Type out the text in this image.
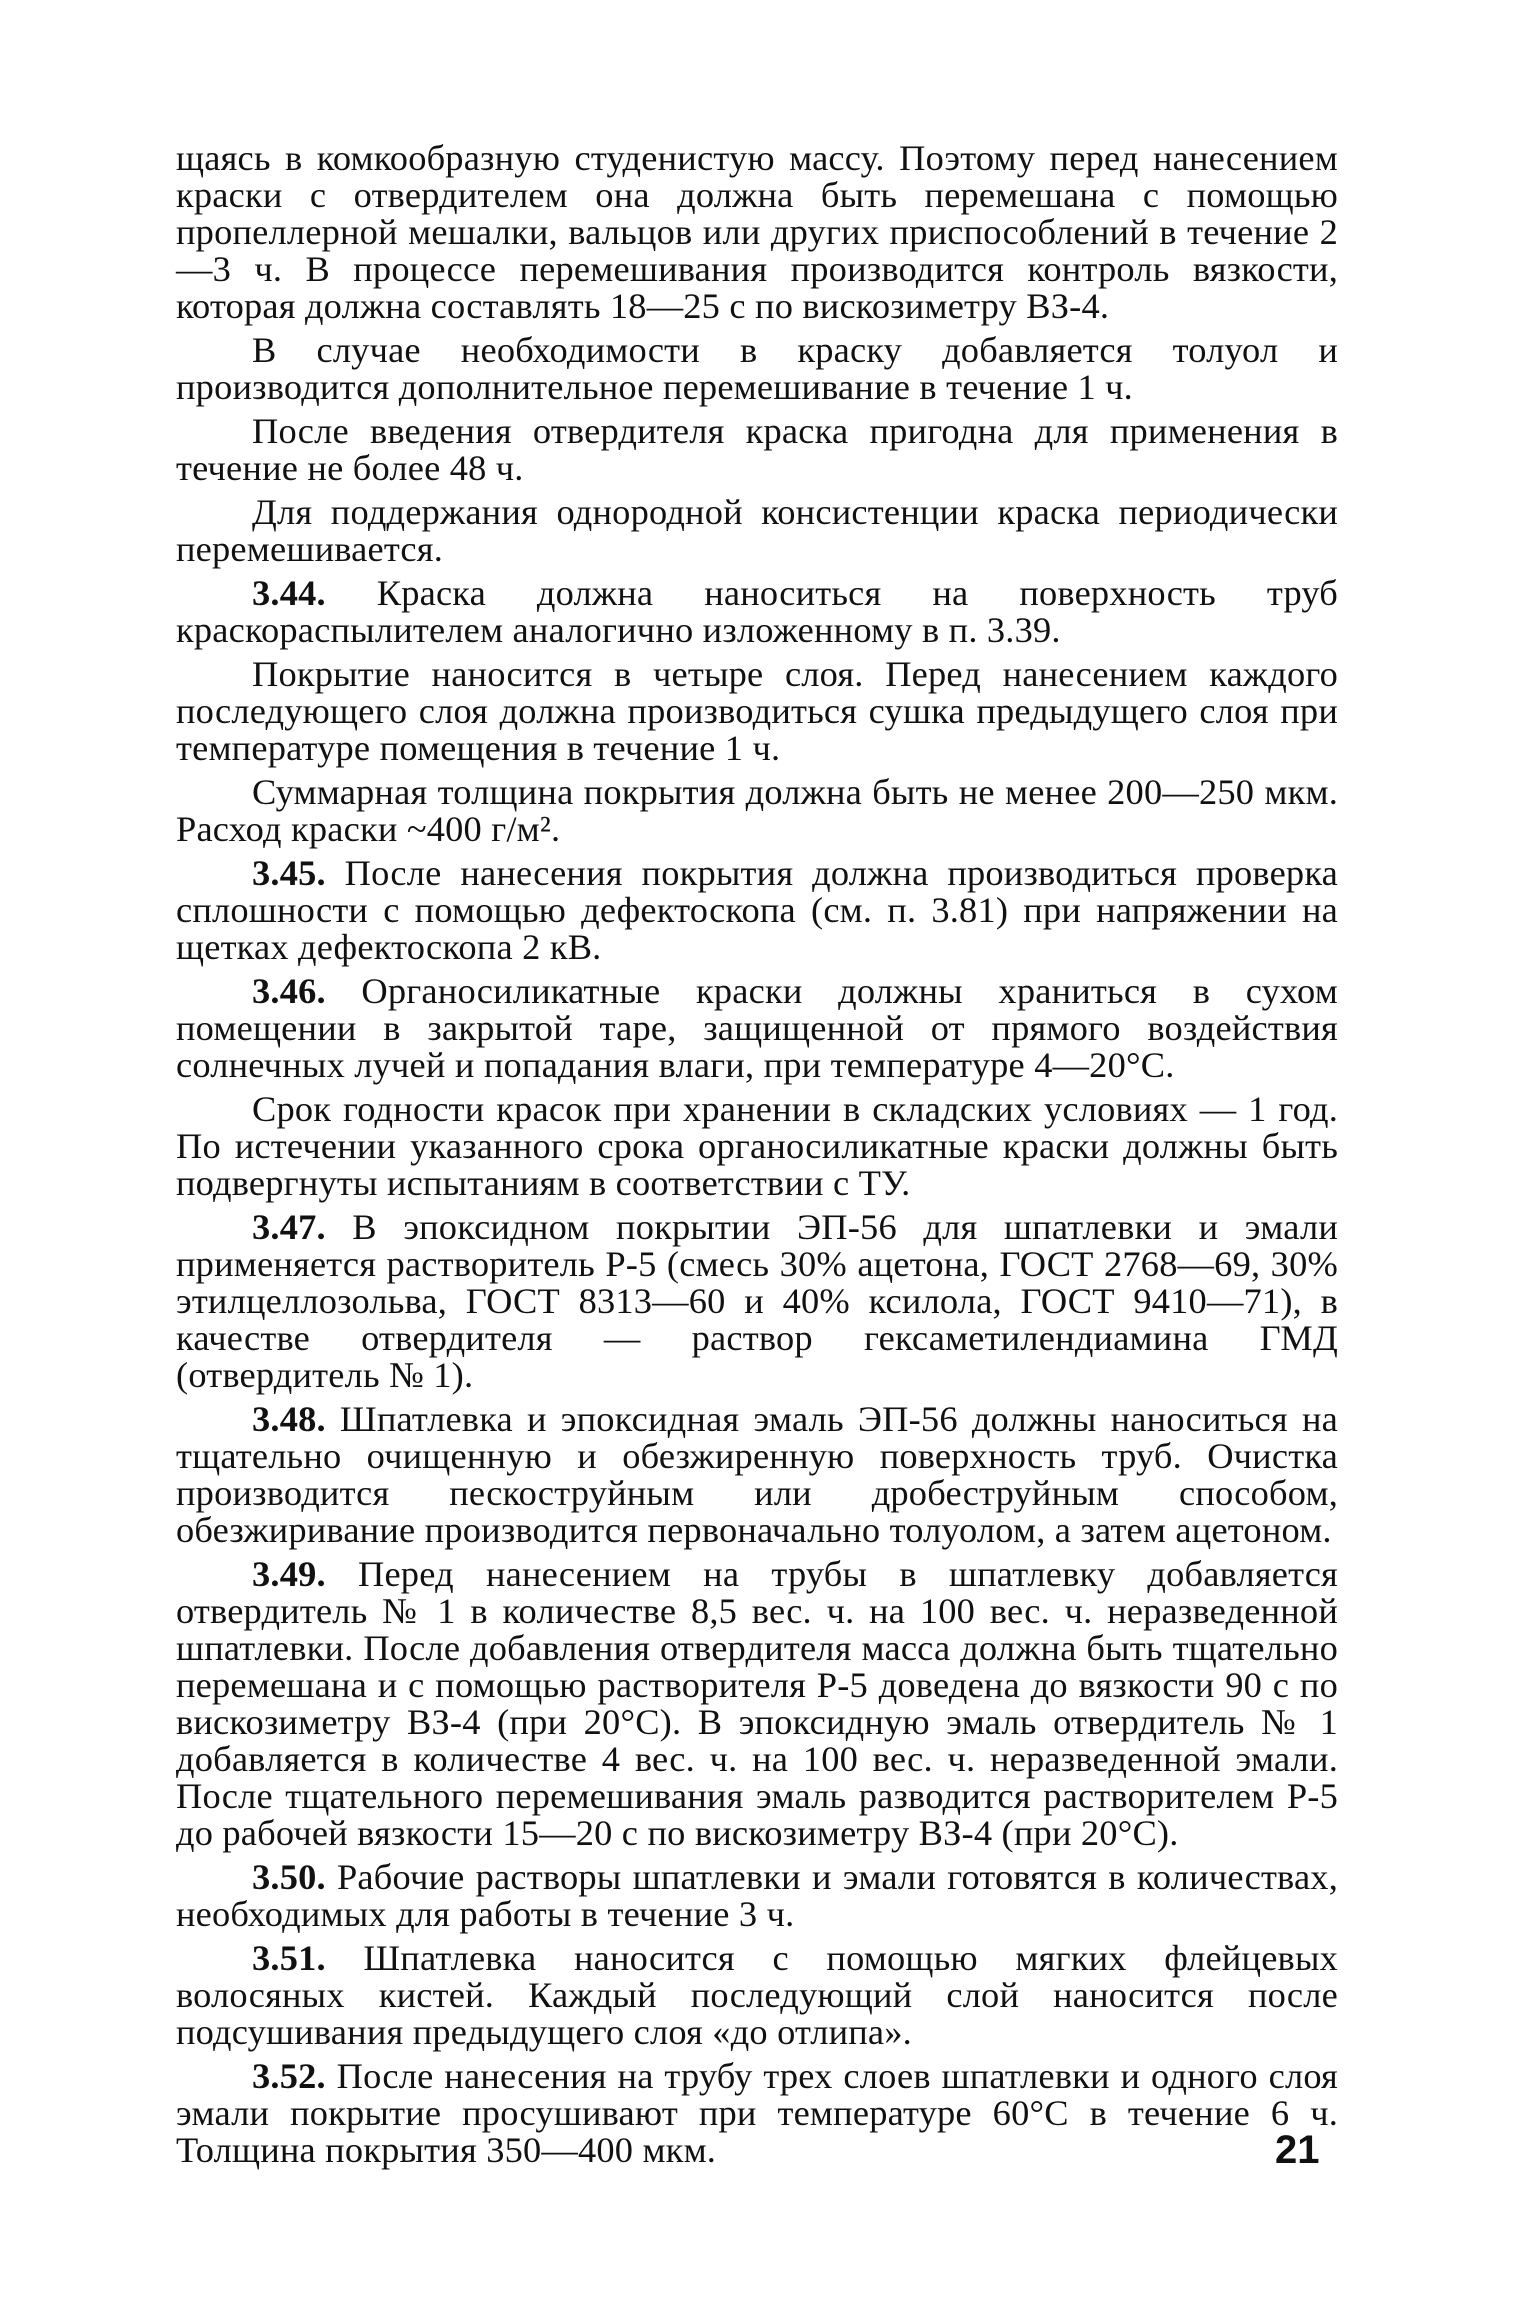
щаясь в комкообразную студенистую массу. Поэтому перед нанесением краски с отвердителем она должна быть перемешана с помощью пропеллерной мешалки, вальцов или других приспособлений в течение 2—3 ч. В процессе перемешивания производится контроль вязкости, которая должна составлять 18—25 с по вискозиметру ВЗ-4.

В случае необходимости в краску добавляется толуол и производится дополнительное перемешивание в течение 1 ч.

После введения отвердителя краска пригодна для применения в течение не более 48 ч.

Для поддержания однородной консистенции краска периодически перемешивается.

3.44. Краска должна наноситься на поверхность труб краскораспылителем аналогично изложенному в п. 3.39.

Покрытие наносится в четыре слоя. Перед нанесением каждого последующего слоя должна производиться сушка предыдущего слоя при температуре помещения в течение 1 ч.

Суммарная толщина покрытия должна быть не менее 200—250 мкм. Расход краски ~400 г/м².

3.45. После нанесения покрытия должна производиться проверка сплошности с помощью дефектоскопа (см. п. 3.81) при напряжении на щетках дефектоскопа 2 кВ.

3.46. Органосиликатные краски должны храниться в сухом помещении в закрытой таре, защищенной от прямого воздействия солнечных лучей и попадания влаги, при температуре 4—20°С.

Срок годности красок при хранении в складских условиях — 1 год. По истечении указанного срока органосиликатные краски должны быть подвергнуты испытаниям в соответствии с ТУ.

3.47. В эпоксидном покрытии ЭП-56 для шпатлевки и эмали применяется растворитель Р-5 (смесь 30% ацетона, ГОСТ 2768—69, 30% этилцеллозольва, ГОСТ 8313—60 и 40% ксилола, ГОСТ 9410—71), в качестве отвердителя — раствор гексаметилендиамина ГМД (отвердитель № 1).

3.48. Шпатлевка и эпоксидная эмаль ЭП-56 должны наноситься на тщательно очищенную и обезжиренную поверхность труб. Очистка производится пескоструйным или дробеструйным способом, обезжиривание производится первоначально толуолом, а затем ацетоном.

3.49. Перед нанесением на трубы в шпатлевку добавляется отвердитель № 1 в количестве 8,5 вес. ч. на 100 вес. ч. неразведенной шпатлевки. После добавления отвердителя масса должна быть тщательно перемешана и с помощью растворителя Р-5 доведена до вязкости 90 с по вискозиметру ВЗ-4 (при 20°С). В эпоксидную эмаль отвердитель № 1 добавляется в количестве 4 вес. ч. на 100 вес. ч. неразведенной эмали. После тщательного перемешивания эмаль разводится растворителем Р-5 до рабочей вязкости 15—20 с по вискозиметру ВЗ-4 (при 20°С).

3.50. Рабочие растворы шпатлевки и эмали готовятся в количествах, необходимых для работы в течение 3 ч.

3.51. Шпатлевка наносится с помощью мягких флейцевых волосяных кистей. Каждый последующий слой наносится после подсушивания предыдущего слоя «до отлипа».

3.52. После нанесения на трубу трех слоев шпатлевки и одного слоя эмали покрытие просушивают при температуре 60°С в течение 6 ч. Толщина покрытия 350—400 мкм.	21
